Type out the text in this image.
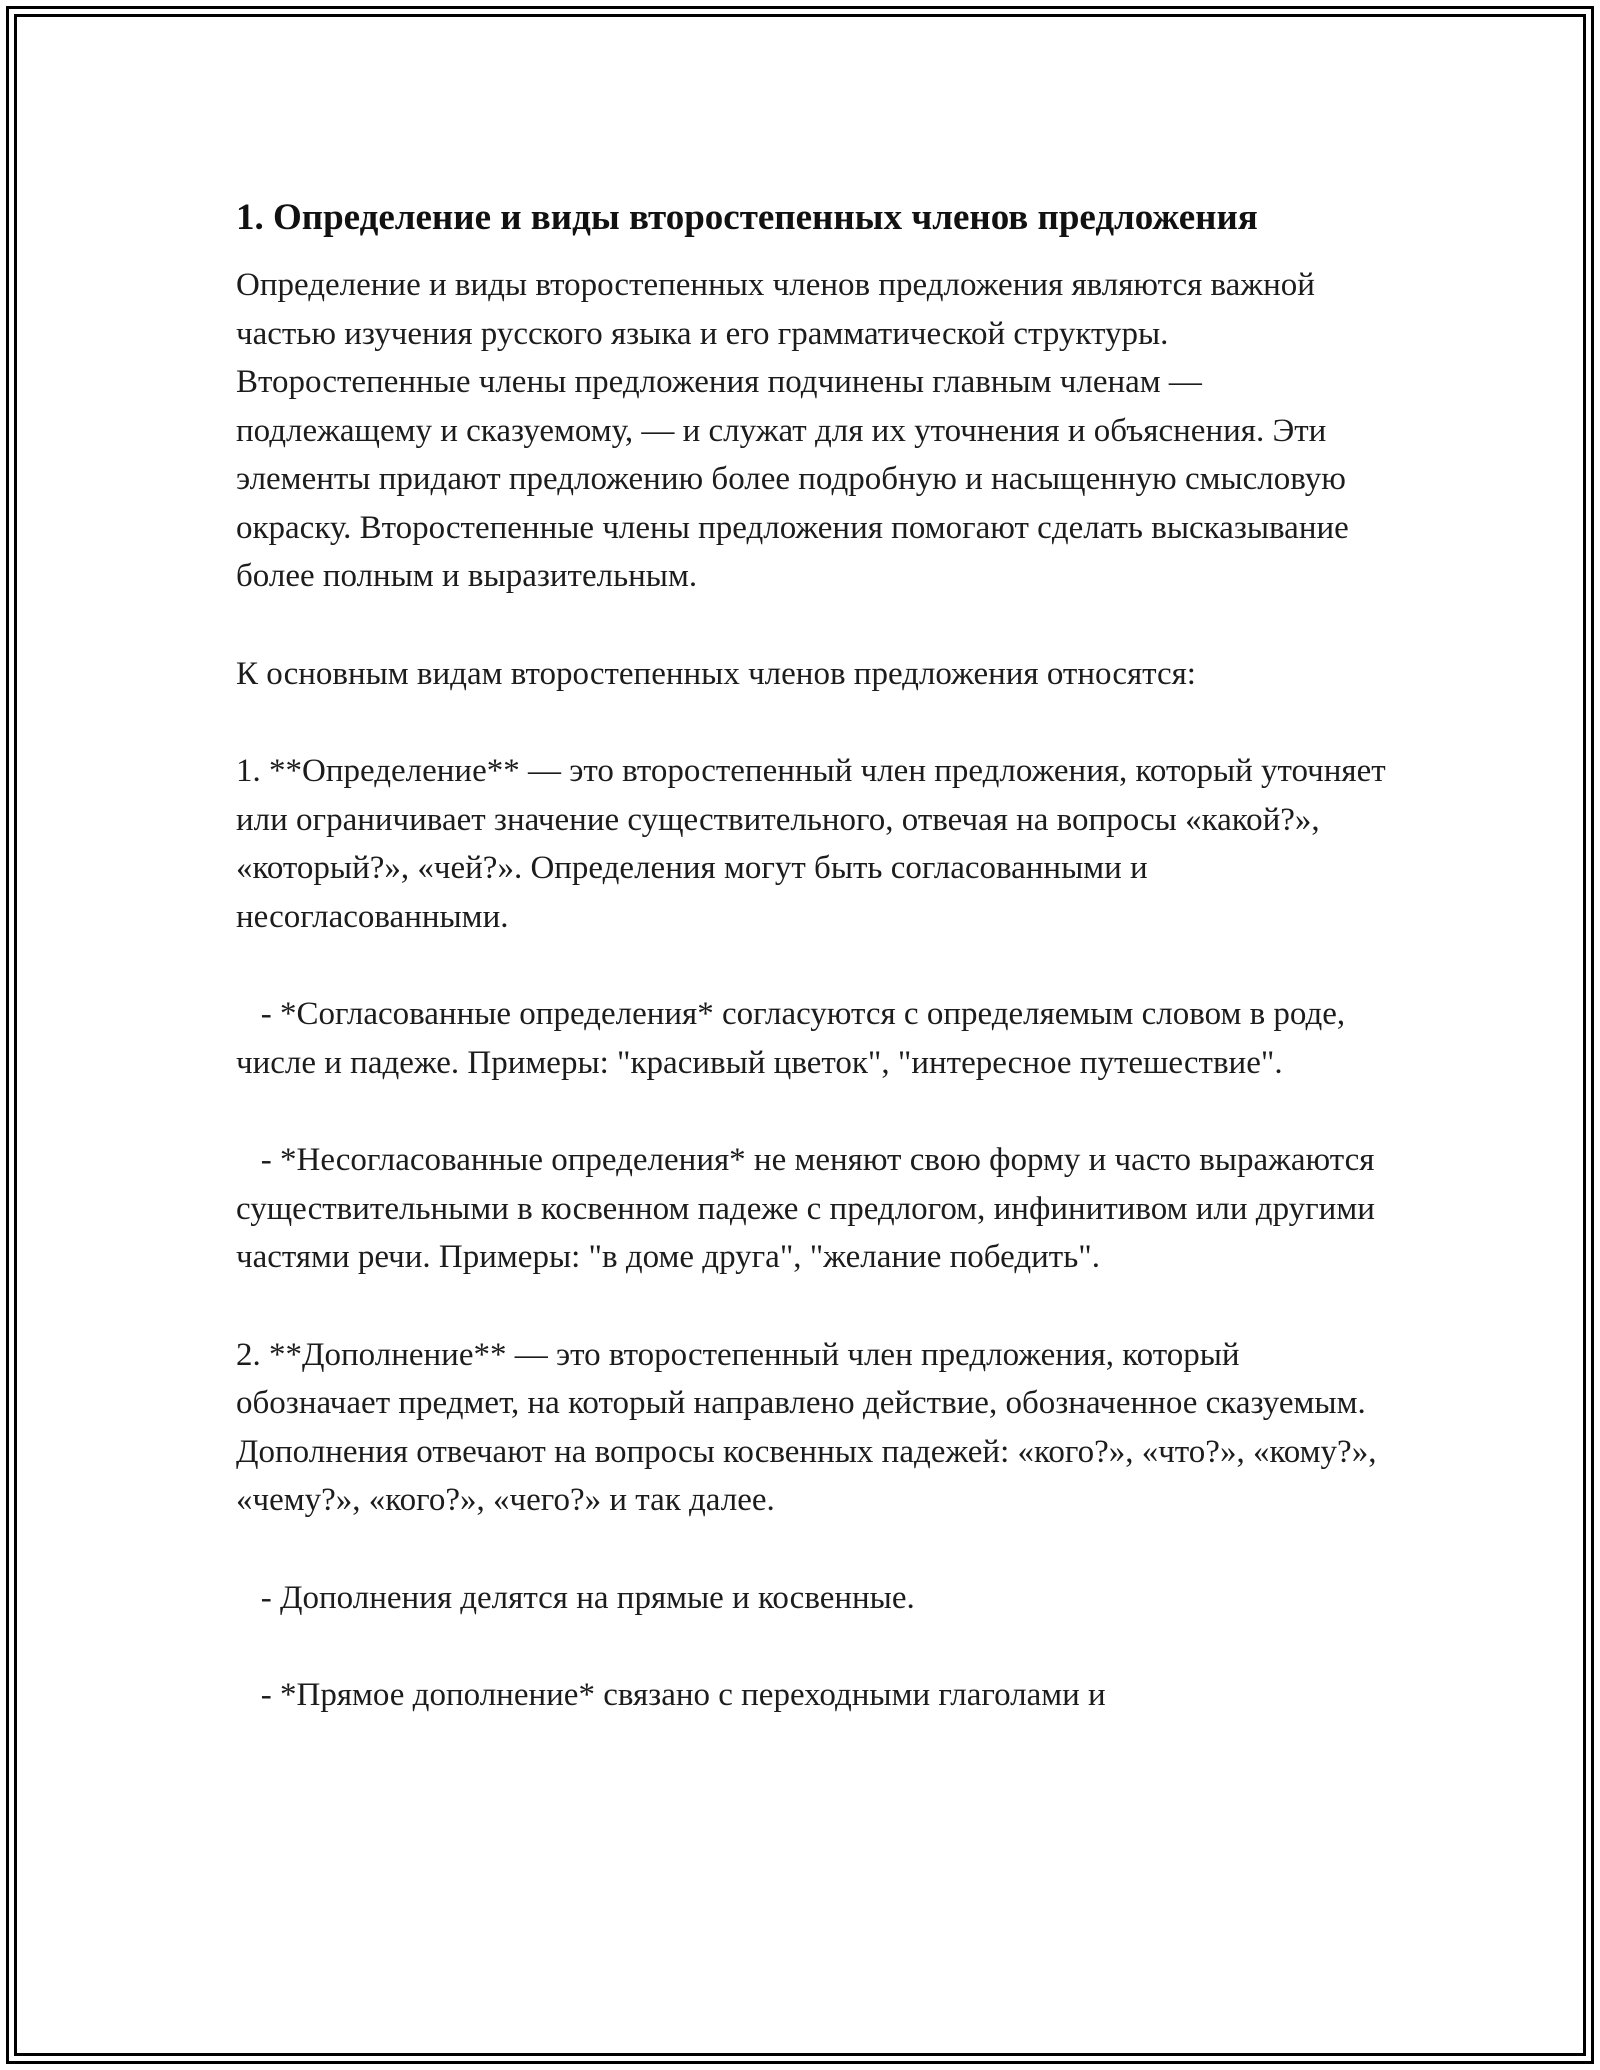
1. Определение и виды второстепенных членов предложения

Определение и виды второстепенных членов предложения являются важной частью изучения русского языка и его грамматической структуры. Второстепенные члены предложения подчинены главным членам — подлежащему и сказуемому, — и служат для их уточнения и объяснения. Эти элементы придают предложению более подробную и насыщенную смысловую окраску. Второстепенные члены предложения помогают сделать высказывание более полным и выразительным.

К основным видам второстепенных членов предложения относятся:

1. **Определение** — это второстепенный член предложения, который уточняет или ограничивает значение существительного, отвечая на вопросы «какой?», «который?», «чей?». Определения могут быть согласованными и несогласованными.

- *Согласованные определения* согласуются с определяемым словом в роде, числе и падеже. Примеры: "красивый цветок", "интересное путешествие".

- *Несогласованные определения* не меняют свою форму и часто выражаются существительными в косвенном падеже с предлогом, инфинитивом или другими частями речи. Примеры: "в доме друга", "желание победить".

2. **Дополнение** — это второстепенный член предложения, который обозначает предмет, на который направлено действие, обозначенное сказуемым. Дополнения отвечают на вопросы косвенных падежей: «кого?», «что?», «кому?», «чему?», «кого?», «чего?» и так далее.

- Дополнения делятся на прямые и косвенные.

- *Прямое дополнение* связано с переходными глаголами и
